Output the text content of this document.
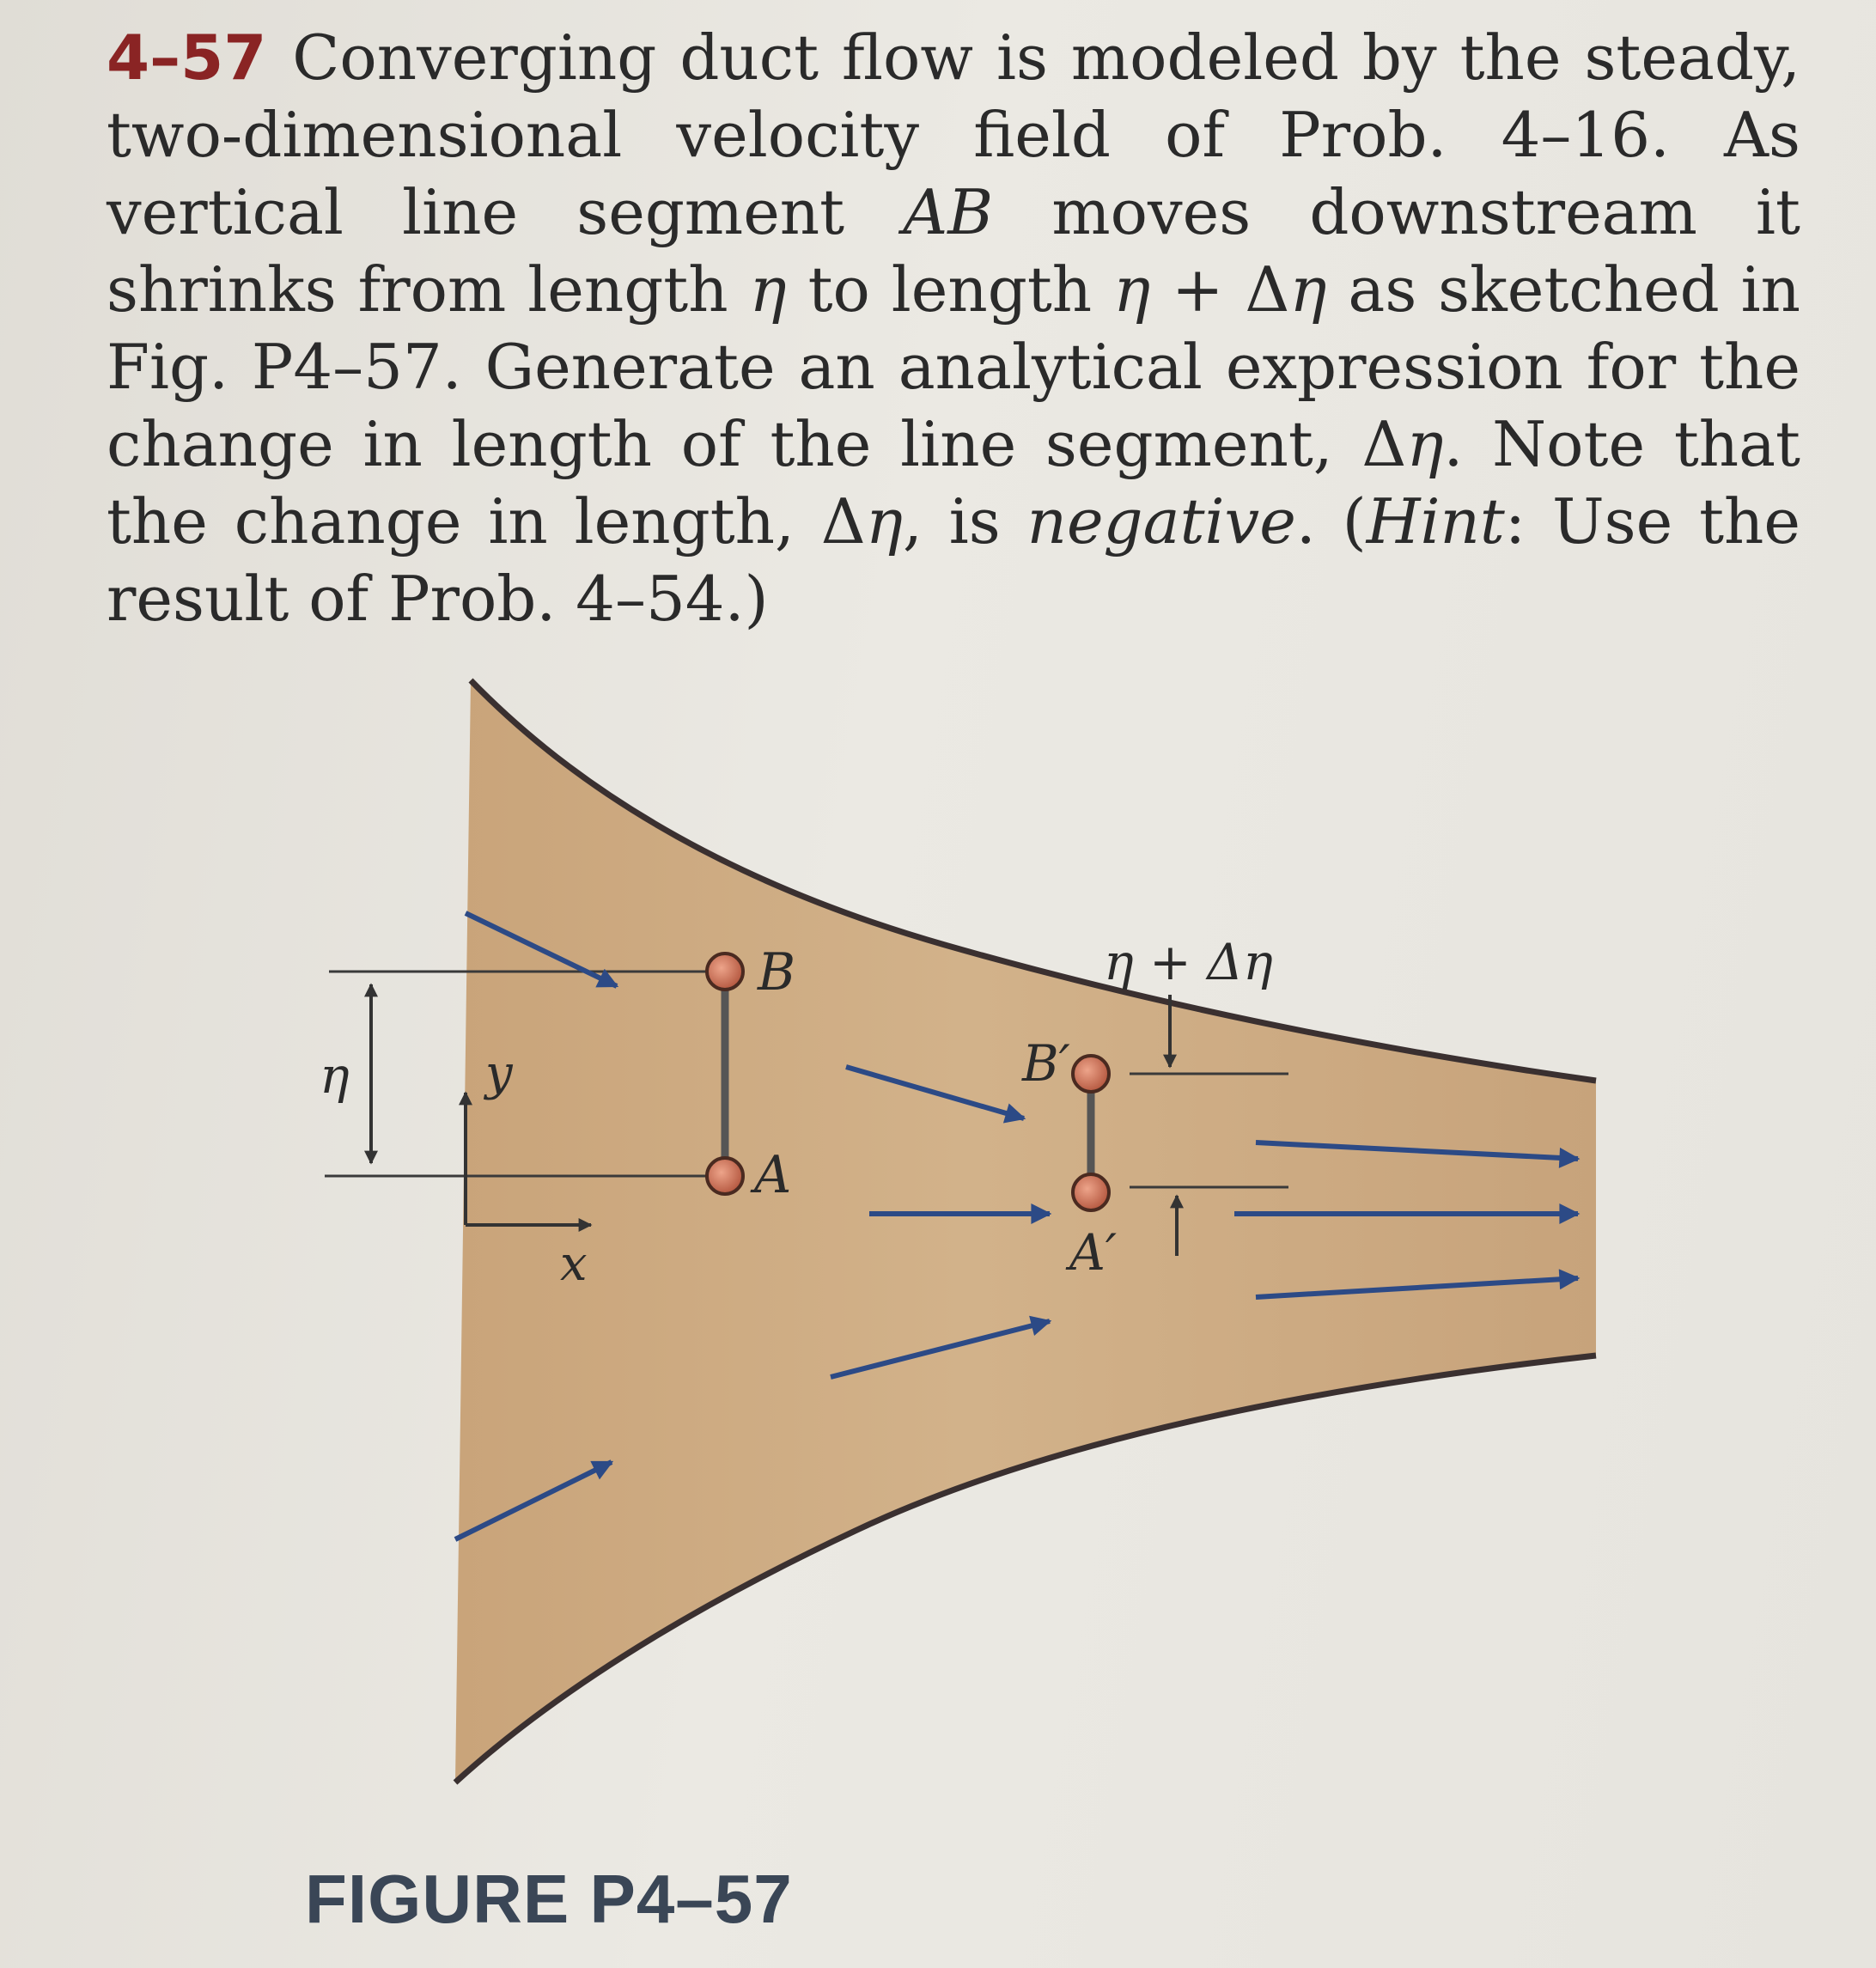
4–57 Converging duct flow is modeled by the steady, two-dimensional velocity field of Prob. 4–16. As vertical line segment AB moves downstream it shrinks from length η to length η + Δη as sketched in Fig. P4–57. Generate an analytical expression for the change in length of the line segment, Δη. Note that the change in length, Δη, is negative. (Hint: Use the result of Prob. 4–54.)

η	y
x
B
A
B′
A′
η + Δη

FIGURE P4–57
